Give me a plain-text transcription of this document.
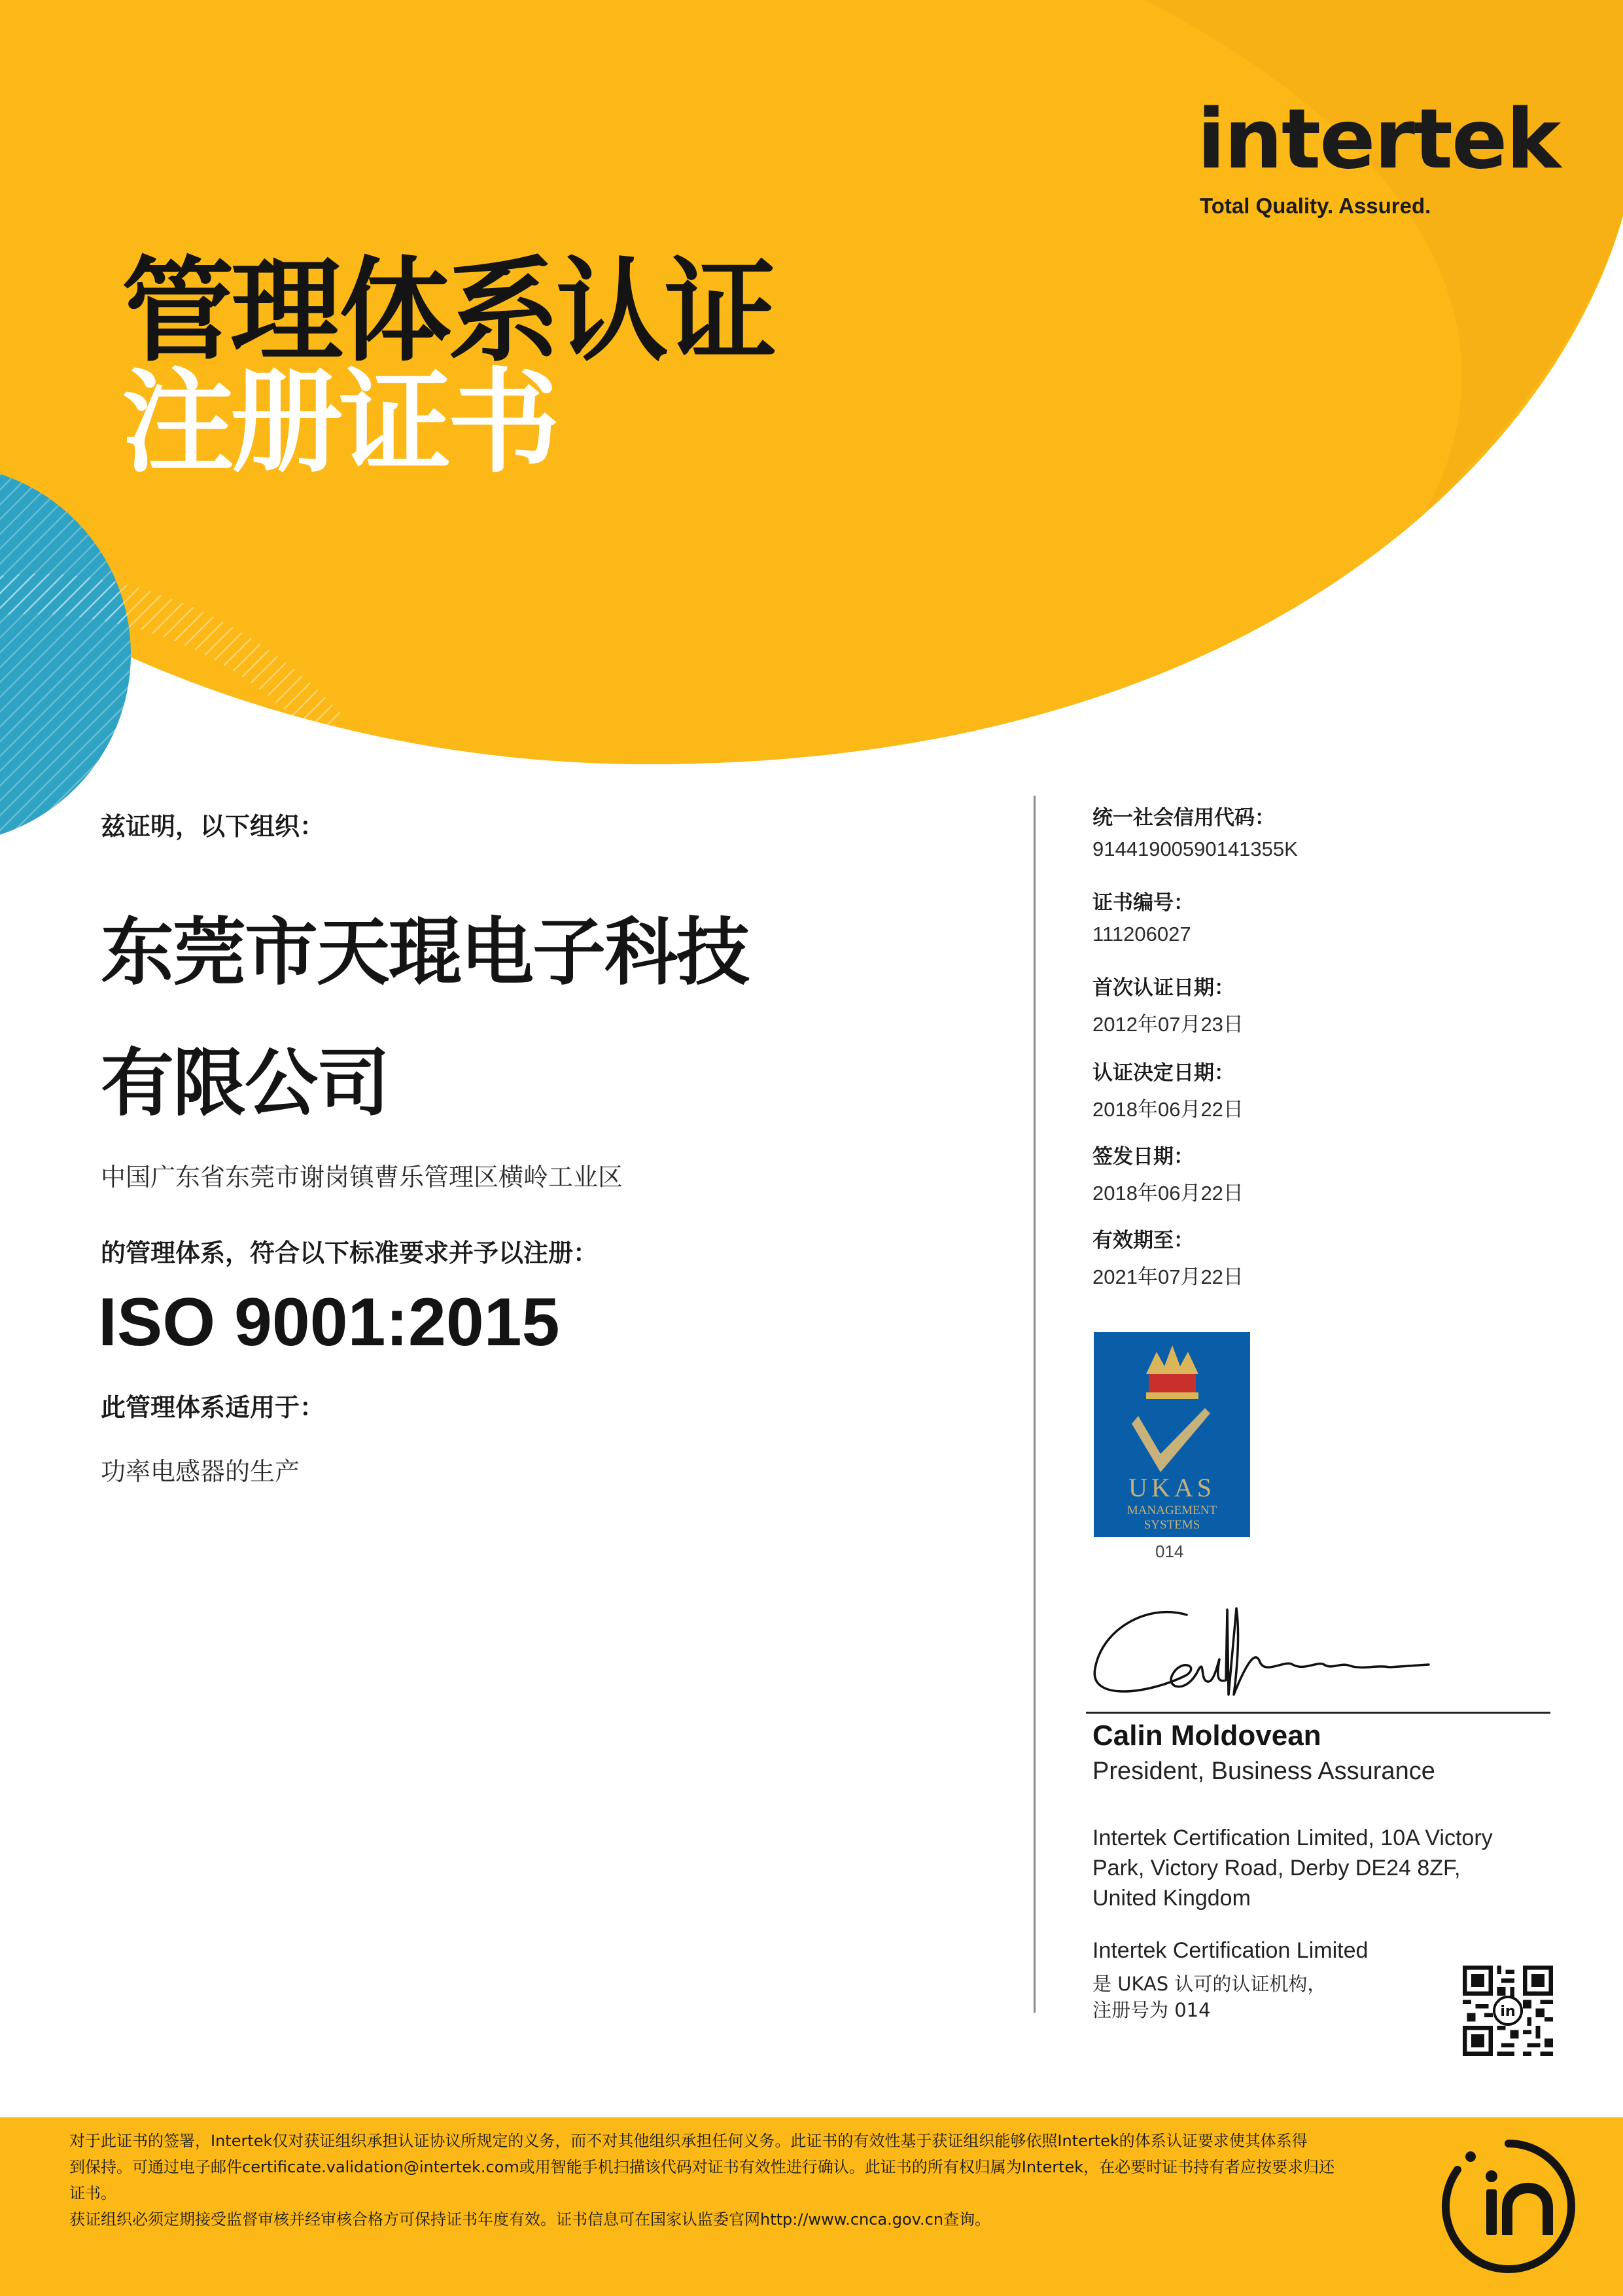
intertek
Total Quality. Assured.
管理体系认证
注册证书
兹证明，以下组织：
东莞市天琨电子科技
有限公司
中国广东省东莞市谢岗镇曹乐管理区横岭工业区
的管理体系，符合以下标准要求并予以注册：
ISO 9001:2015
此管理体系适用于：
功率电感器的生产
统一社会信用代码：
91441900590141355K
证书编号：
111206027
首次认证日期：
2012年07月23日
认证决定日期：
2018年06月22日
签发日期：
2018年06月22日
有效期至：
2021年07月22日
UKAS
MANAGEMENT
SYSTEMS
014
Calin Moldovean
President, Business Assurance
Intertek Certification Limited, 10A Victory Park, Victory Road, Derby DE24 8ZF, United Kingdom
Intertek Certification Limited
是 UKAS 认可的认证机构，
注册号为 014	in
对于此证书的签署，Intertek仅对获证组织承担认证协议所规定的义务，而不对其他组织承担任何义务。此证书的有效性基于获证组织能够依照Intertek的体系认证要求使其体系得
到保持。可通过电子邮件certificate.validation@intertek.com或用智能手机扫描该代码对证书有效性进行确认。此证书的所有权归属为Intertek，在必要时证书持有者应按要求归还
证书。
获证组织必须定期接受监督审核并经审核合格方可保持证书年度有效。证书信息可在国家认监委官网http://www.cnca.gov.cn查询。
